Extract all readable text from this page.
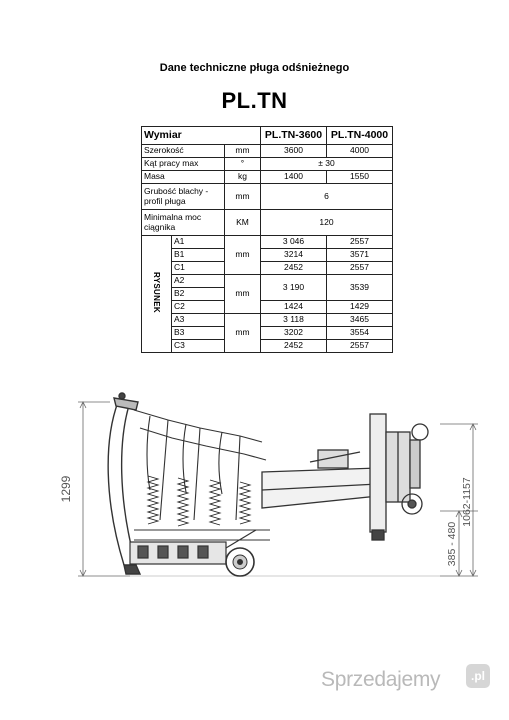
Dane techniczne pługa odśnieżnego
PL.TN
Wymiar			PL.TN-3600	PL.TN-4000
Szerokość		mm	3600	4000
Kąt pracy max		°	± 30	
Masa		kg	1400	1550
Grubość blachy - profil pługa		mm	6	
Minimalna moc ciągnika		KM	120	
RYSUNEK	A1	mm	3 046	2557
	B1		3214	3571
	C1		2452	2557
	A2	mm	3 190	3539
	B2			
	C2		1424	1429
	A3	mm	3 118	3465
	B3		3202	3554
	C3		2452	2557
1299	1062-1157
385 - 480
Sprzedajemy	.pl
